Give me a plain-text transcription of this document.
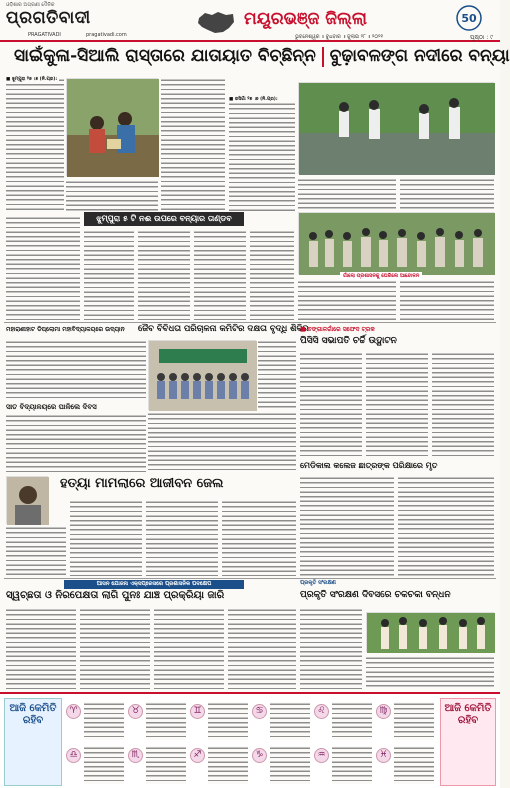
ଓଡ଼ିଶାର ଅଗ୍ରଣୀ ଦୈନିକ
ପ୍ରଗତିବାଦୀ
PRAGATIVADI	pragativadi.com
ମୟୂରଭଞ୍ଜ ଜିଲ୍ଲା
ଭୁବନେଶ୍ୱର ॥ ବୁଧବାର ॥ ଜୁଲାଇ ୨୮ ॥ ୨୦୨୧	ପୃଷ୍ଠା : ୯
50
ସାଇଁକୁଳା-ସିଆଲି ରାସ୍ତାରେ ଯାତାୟାତ ବିଚ୍ଛିନ୍ନ ବୁଢ଼ାବଳଙ୍ଗ ନଦୀରେ ବନ୍ୟା
■ ଝୁମ୍ପୁରା ୨୭ ।୭ (ନି.ପ୍ର):
■ ରସିଗାଁ ୨୭ ।୭ (ନି.ପ୍ର):
ଝୁମ୍ପୁରା ୫ ଟି ନଈ ଉପରେ ବନ୍ୟାର ତାଣ୍ଡବ
ଗାଁଲୋ ପ୍ରଶାସନକୁ ଘେରିଲେ ଆନ୍ଦୋଳନ
ମହାରାଣୀହାଟ ଡିପ୍ଲୋମା ମହାବିଦ୍ୟାଳୟରେ ଉଦ୍ୟାନ	ଜୈବ ବିବିଧତା ପରିଚାଳନା କମିଟିର ଦକ୍ଷତା ବୃଦ୍ଧି ଶିବିର
ସାତ ବିଦ୍ୟାଳୟରେ ପାଳିଲେ ଦିବସ
■ ବଙ୍ଗାଳଗାଁରେ ସଫେଦ ଟ୍ରକ
ପିସିସି ସଭାପତି ଚର୍ଚ୍ଚି ଉଦ୍ଘାଟନ
ମେଡିକାଲ କଲେଜ ଛାତ୍ରଙ୍କ ପରିକ୍ଷାରେ ମୃତ
ହତ୍ୟା ମାମଲାରେ ଆଜୀବନ ଜେଲ
ଆସନ ଯୋଜନା ଏକ୍ସପ୍ରେସରେ ପ୍ରଶାସନିକ ପଦକ୍ଷେପ
ସ୍ୱଚ୍ଛତା ଓ ନିରପେକ୍ଷତା ଲାଗି ପୁନଃ ଯାଞ୍ଚ ପ୍ରକ୍ରିୟା ଜାରି
ପ୍ରକୃତି ସଂରକ୍ଷଣ
ପ୍ରକୃତି ସଂରକ୍ଷଣ ଦିବସରେ ଚକଚକା ବନ୍ଧନ
ଆଜି କେମିତି ରହିବ
ଆଜି କେମିତି ରହିବ
♈	♉	♊	♋	♌	♍
♎	♏	♐	♑	♒	♓
